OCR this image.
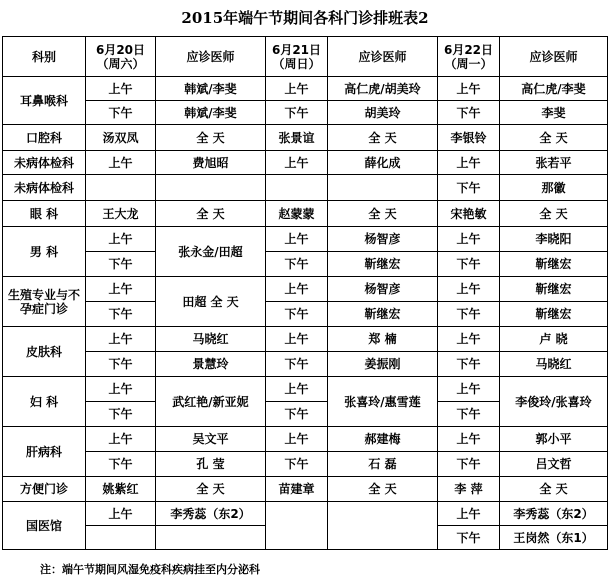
2015年端午节期间各科门诊排班表2
科别	6月20日（周六）	应诊医师	6月21日（周日）	应诊医师	6月22日（周一）	应诊医师
耳鼻喉科	上午	韩斌/李斐	上午	高仁虎/胡美玲	上午	高仁虎/李斐
	下午	韩斌/李斐	下午	胡美玲	下午	李斐
口腔科	汤双凤	全 天	张景谊	全 天	李银铃	全 天
未病体检科	上午	费旭昭	上午	薛化成	上午	张若平
未病体检科					下午	那徽
眼 科	王大龙	全 天	赵蒙蒙	全 天	宋艳敏	全 天
男 科	上午	张永金/田超	上午	杨智彦	上午	李晓阳
	下午		下午	靳继宏	下午	靳继宏
生殖专业与不孕症门诊	上午	田超 全 天	上午	杨智彦	上午	靳继宏
	下午		下午	靳继宏	下午	靳继宏
皮肤科	上午	马晓红	上午	郑 楠	上午	卢 晓
	下午	景慧玲	下午	姜振刚	下午	马晓红
妇 科	上午	武红艳/新亚妮	上午	张喜玲/惠雪莲	上午	李俊玲/张喜玲
	下午		下午		下午	
肝病科	上午	吴文平	上午	郝建梅	上午	郭小平
	下午	孔 莹	下午	石 磊	下午	吕文哲
方便门诊	姚紫红	全 天	苗建章	全 天	李 萍	全 天
国医馆	上午	李秀蕊（东2）			上午	李秀蕊（东2）
					下午	王岗然（东1）
注：端午节期间风湿免疫科疾病挂至内分泌科
